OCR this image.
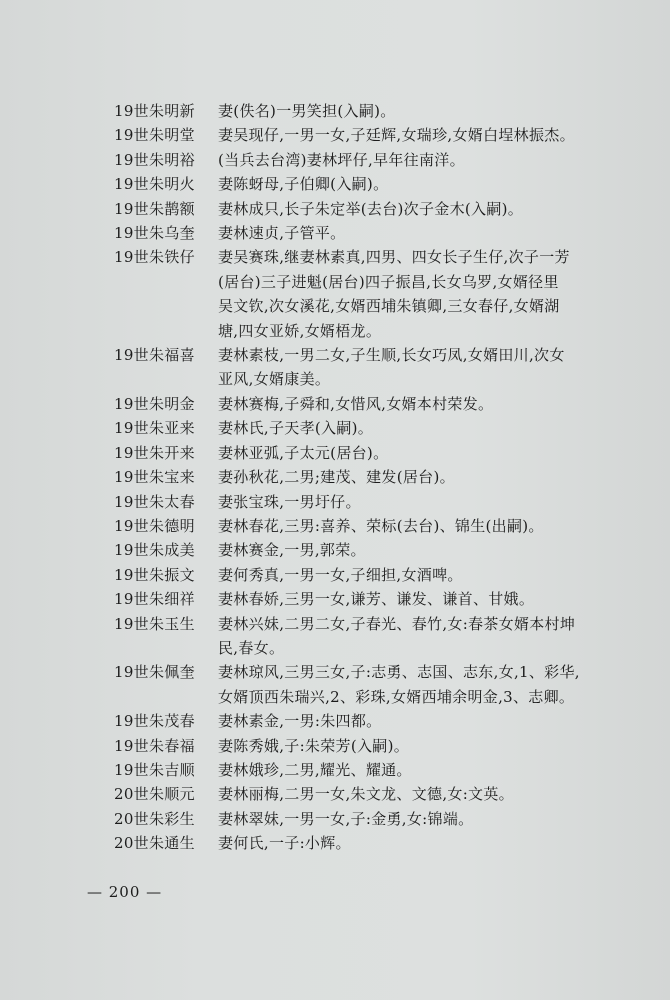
19世朱明新	妻(佚名)一男笑担(入嗣)。
19世朱明堂	妻吴现仔,一男一女,子廷辉,女瑞珍,女婿白埕林振杰。
19世朱明裕	(当兵去台湾)妻林坪仔,早年往南洋。
19世朱明火	妻陈蚜母,子伯卿(入嗣)。
19世朱鹊额	妻林成只,长子朱定举(去台)次子金木(入嗣)。
19世朱乌奎	妻林速贞,子管平。
19世朱铁仔	妻吴赛珠,继妻林素真,四男、四女长子生仔,次子一芳
(居台)三子进魁(居台)四子振昌,长女乌罗,女婿径里
吴文钦,次女溪花,女婿西埔朱镇卿,三女春仔,女婿湖
塘,四女亚娇,女婿梧龙。
19世朱福喜	妻林素枝,一男二女,子生顺,长女巧凤,女婿田川,次女
亚风,女婿康美。
19世朱明金	妻林赛梅,子舜和,女惜风,女婿本村荣发。
19世朱亚来	妻林氏,子天孝(入嗣)。
19世朱开来	妻林亚弧,子太元(居台)。
19世朱宝来	妻孙秋花,二男;建茂、建发(居台)。
19世朱太春	妻张宝珠,一男圩仔。
19世朱德明	妻林春花,三男:喜养、荣标(去台)、锦生(出嗣)。
19世朱成美	妻林赛金,一男,郭荣。
19世朱振文	妻何秀真,一男一女,子细担,女酒啤。
19世朱细祥	妻林春娇,三男一女,谦芳、谦发、谦首、甘娥。
19世朱玉生	妻林兴妹,二男二女,子春光、春竹,女:春茶女婿本村坤
民,春女。
19世朱佩奎	妻林琼风,三男三女,子:志勇、志国、志东,女,1、彩华,
女婿顶西朱瑞兴,2、彩珠,女婿西埔余明金,3、志卿。
19世朱茂春	妻林素金,一男:朱四都。
19世朱春福	妻陈秀娥,子:朱荣芳(入嗣)。
19世朱吉顺	妻林娥珍,二男,耀光、耀通。
20世朱顺元	妻林丽梅,二男一女,朱文龙、文德,女:文英。
20世朱彩生	妻林翠妹,一男一女,子:金勇,女:锦端。
20世朱通生	妻何氏,一子:小辉。
— 200 —
